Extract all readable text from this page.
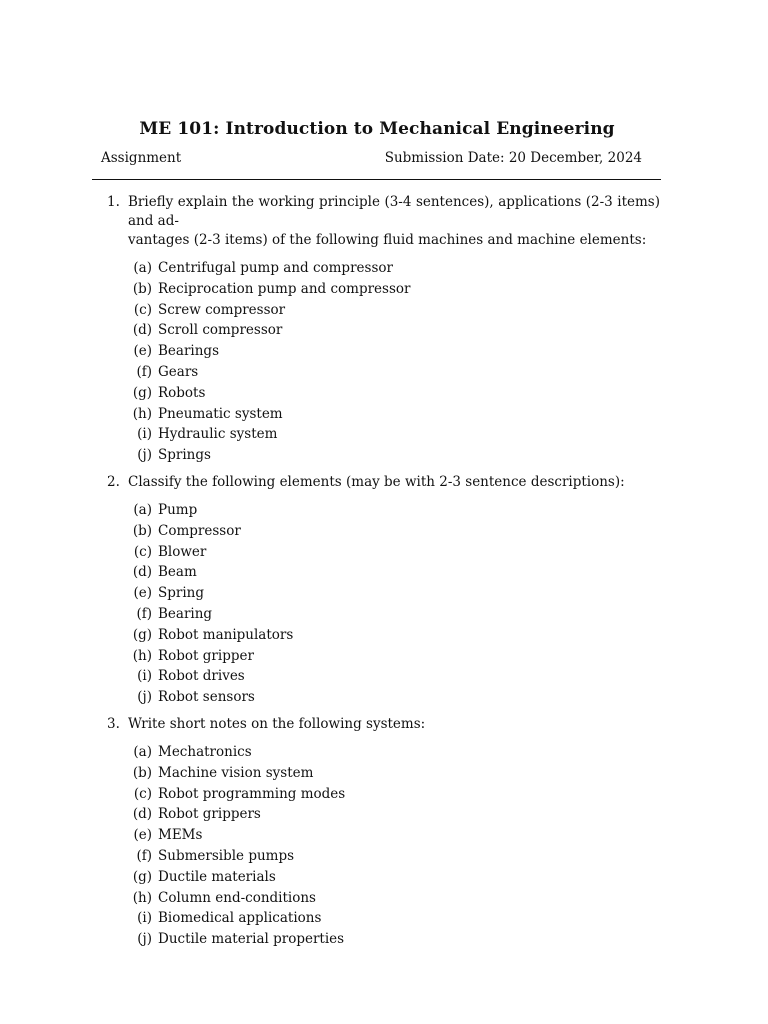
ME 101: Introduction to Mechanical Engineering
Assignment	Submission Date: 20 December, 2024
1. Briefly explain the working principle (3-4 sentences), applications (2-3 items) and ad-
vantages (2-3 items) of the following fluid machines and machine elements:
(a) Centrifugal pump and compressor
(b) Reciprocation pump and compressor
(c) Screw compressor
(d) Scroll compressor
(e) Bearings
(f) Gears
(g) Robots
(h) Pneumatic system
(i) Hydraulic system
(j) Springs
2. Classify the following elements (may be with 2-3 sentence descriptions):
(a) Pump
(b) Compressor
(c) Blower
(d) Beam
(e) Spring
(f) Bearing
(g) Robot manipulators
(h) Robot gripper
(i) Robot drives
(j) Robot sensors
3. Write short notes on the following systems:
(a) Mechatronics
(b) Machine vision system
(c) Robot programming modes
(d) Robot grippers
(e) MEMs
(f) Submersible pumps
(g) Ductile materials
(h) Column end-conditions
(i) Biomedical applications
(j) Ductile material properties
